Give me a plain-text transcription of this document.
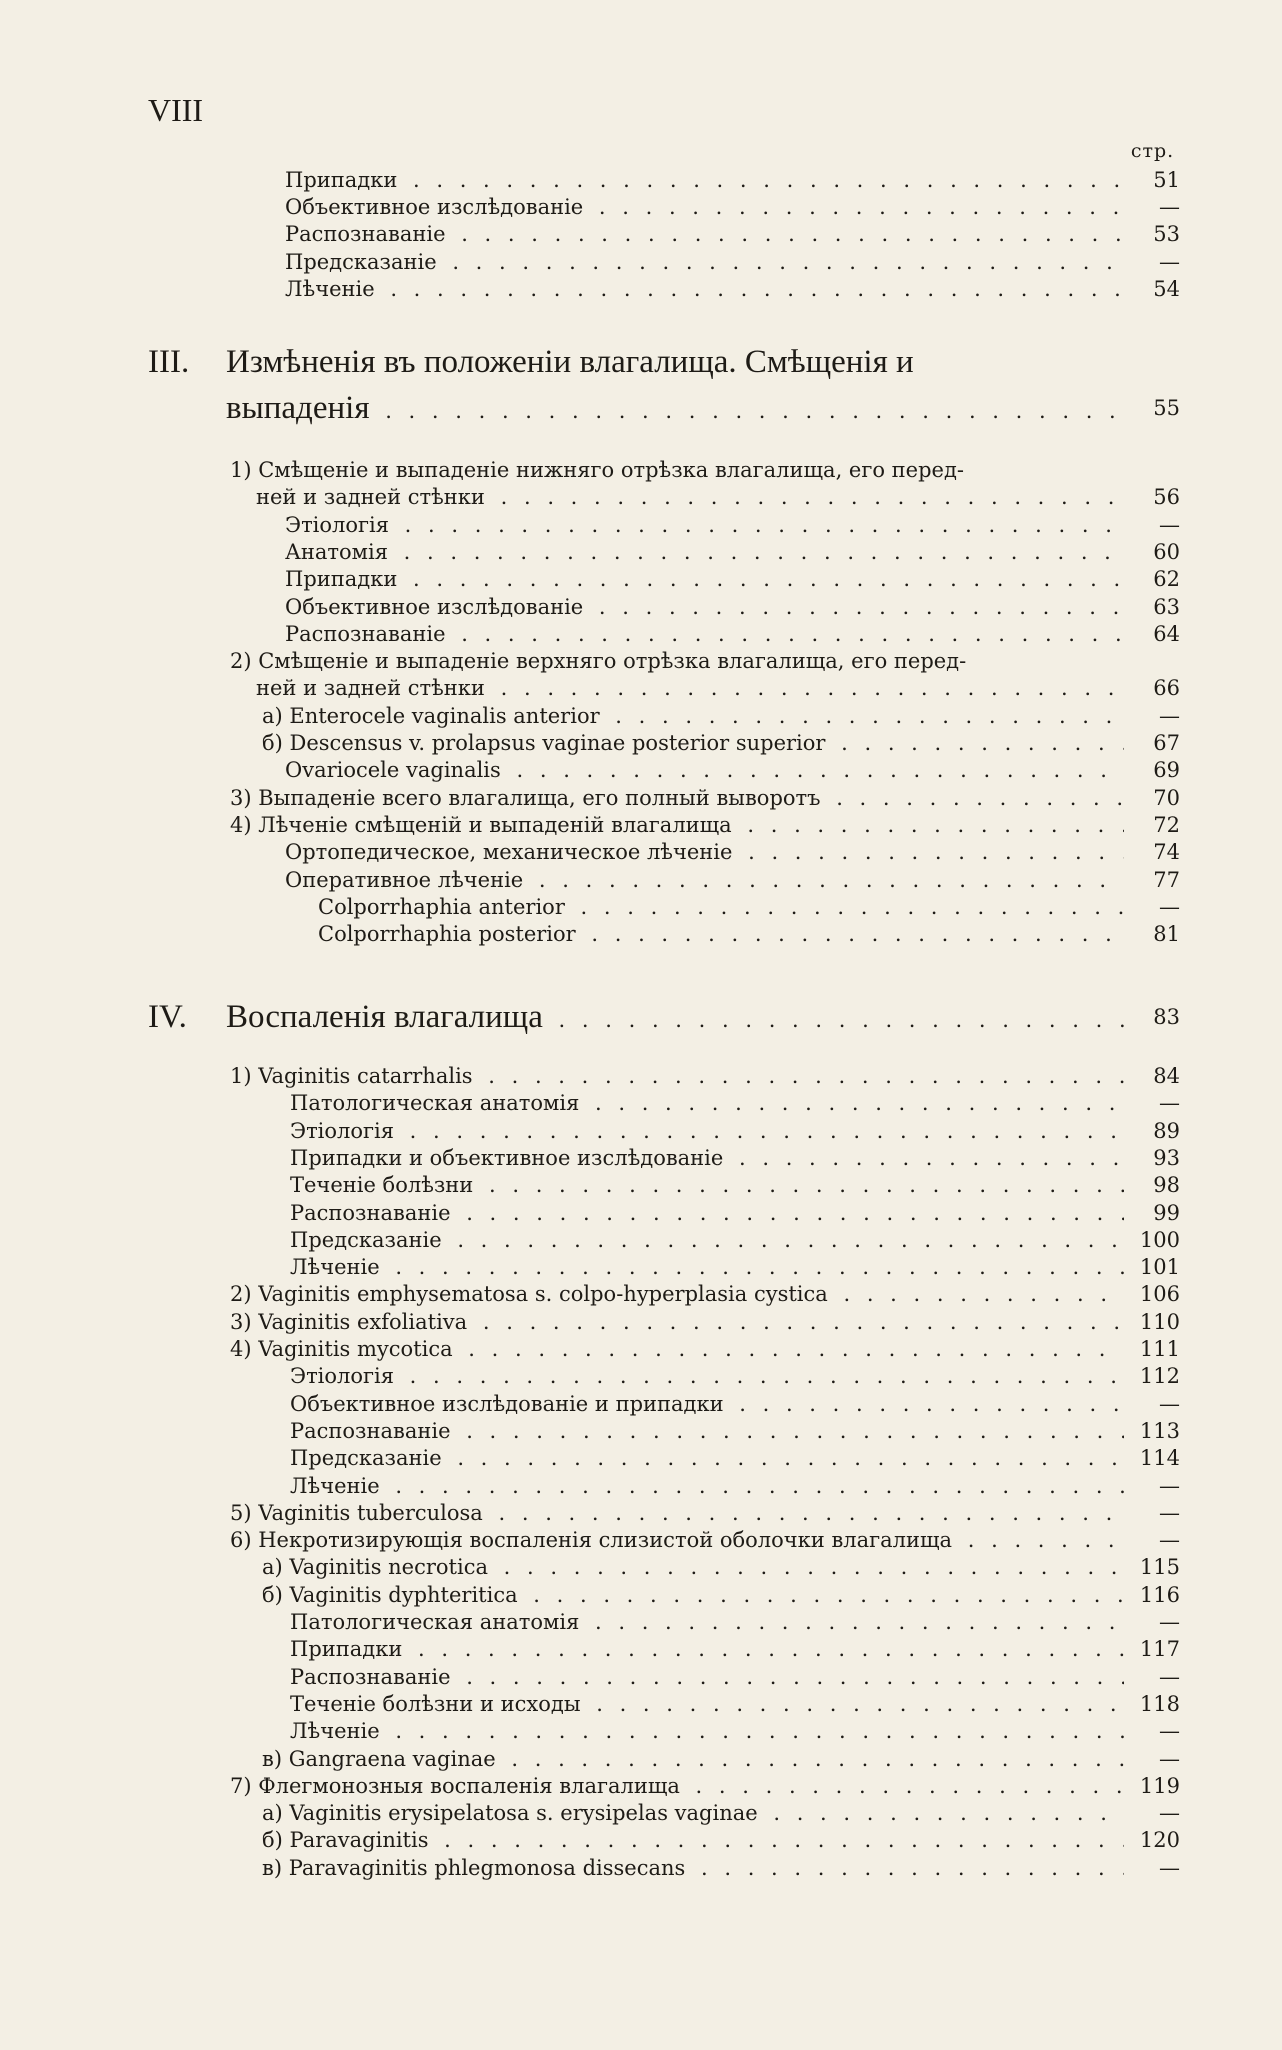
VIII
стр.
Припадки . . .	51
Объективное изслѣдованіе . . .	—
Распознаваніе . . .	53
Предсказаніе . . .	—
Лѣченіе . . .	54
III. Измѣненія въ положеніи влагалища. Смѣщенія и
выпаденія . . .	55
1) Смѣщеніе и выпаденіе нижняго отрѣзка влагалища, его перед-
ней и задней стѣнки . . .	56
Этіологія . . .	—
Анатомія . . .	60
Припадки . . .	62
Объективное изслѣдованіе . . .	63
Распознаваніе . . .	64
2) Смѣщеніе и выпаденіе верхняго отрѣзка влагалища, его перед-
ней и задней стѣнки . . .	66
а) Enterocele vaginalis anterior . . .	—
б) Descensus v. prolapsus vaginae posterior superior . . .	67
Ovariocele vaginalis . . .	69
3) Выпаденіе всего влагалища, его полный выворотъ . . .	70
4) Лѣченіе смѣщеній и выпаденій влагалища . . .	72
Ортопедическое, механическое лѣченіе . . .	74
Оперативное лѣченіе . . .	77
Colporrhaphia anterior . . .	—
Colporrhaphia posterior . . .	81
IV. Воспаленія влагалища . . .	83
1) Vaginitis catarrhalis . . .	84
Патологическая анатомія . . .	—
Этіологія . . .	89
Припадки и объективное изслѣдованіе . . .	93
Теченіе болѣзни . . .	98
Распознаваніе . . .	99
Предсказаніе . . .	100
Лѣченіе . . .	101
2) Vaginitis emphysematosa s. colpo-hyperplasia cystica . . .	106
3) Vaginitis exfoliativa . . .	110
4) Vaginitis mycotica . . .	111
Этіологія . . .	112
Объективное изслѣдованіе и припадки . . .	—
Распознаваніе . . .	113
Предсказаніе . . .	114
Лѣченіе . . .	—
5) Vaginitis tuberculosa . . .	—
6) Некротизирующія воспаленія слизистой оболочки влагалища . . .	—
а) Vaginitis necrotica . . .	115
б) Vaginitis dyphteritica . . .	116
Патологическая анатомія . . .	—
Припадки . . .	117
Распознаваніе . . .	—
Теченіе болѣзни и исходы . . .	118
Лѣченіе . . .	—
в) Gangraena vaginae . . .	—
7) Флегмонозныя воспаленія влагалища . . .	119
а) Vaginitis erysipelatosa s. erysipelas vaginae . . .	—
б) Paravaginitis . . .	120
в) Paravaginitis phlegmonosa dissecans . . .	—
